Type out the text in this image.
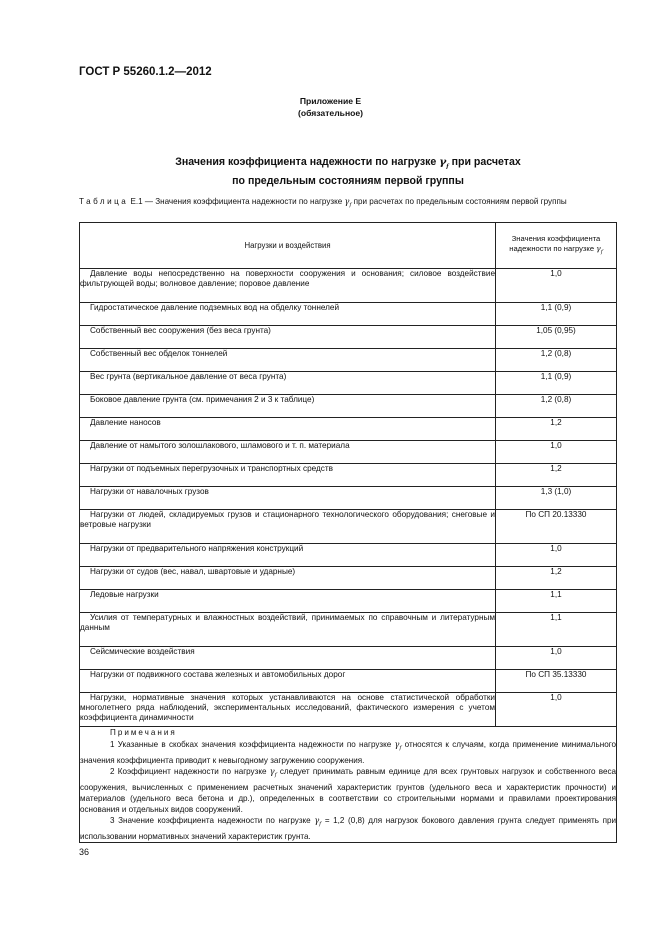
ГОСТ Р 55260.1.2—2012
Приложение Е
(обязательное)
Значения коэффициента надежности по нагрузке $\gamma_f$ при расчетах
по предельным состояниям первой группы
Таблица Е.1 — Значения коэффициента надежности по нагрузке $\gamma_f$ при расчетах по предельным состояниям первой группы
Нагрузки и воздействия	Значения коэффициента надежности по нагрузке $\gamma_f$
Давление воды непосредственно на поверхности сооружения и основания; силовое воздействие фильтрующей воды; волновое давление; поровое давление	1,0
Гидростатическое давление подземных вод на обделку тоннелей	1,1 (0,9)
Собственный вес сооружения (без веса грунта)	1,05 (0,95)
Собственный вес обделок тоннелей	1,2 (0,8)
Вес грунта (вертикальное давление от веса грунта)	1,1 (0,9)
Боковое давление грунта (см. примечания 2 и 3 к таблице)	1,2 (0,8)
Давление наносов	1,2
Давление от намытого золошлакового, шламового и т. п. материала	1,0
Нагрузки от подъемных перегрузочных и транспортных средств	1,2
Нагрузки от навалочных грузов	1,3 (1,0)
Нагрузки от людей, складируемых грузов и стационарного технологического оборудования; снеговые и ветровые нагрузки	По СП 20.13330
Нагрузки от предварительного напряжения конструкций	1,0
Нагрузки от судов (вес, навал, швартовые и ударные)	1,2
Ледовые нагрузки	1,1
Усилия от температурных и влажностных воздействий, принимаемых по справочным и литературным данным	1,1
Сейсмические воздействия	1,0
Нагрузки от подвижного состава железных и автомобильных дорог	По СП 35.13330
Нагрузки, нормативные значения которых устанавливаются на основе статистической обработки многолетнего ряда наблюдений, экспериментальных исследований, фактического измерения с учетом коэффициента динамичности	1,0

Примечания

1 Указанные в скобках значения коэффициента надежности по нагрузке $\gamma_f$ относятся к случаям, когда применение минимального значения коэффициента приводит к невыгодному загружению сооружения.

2 Коэффициент надежности по нагрузке $\gamma_f$ следует принимать равным единице для всех грунтовых нагрузок и собственного веса сооружения, вычисленных с применением расчетных значений характеристик грунтов (удельного веса и характеристик прочности) и материалов (удельного веса бетона и др.), определенных в соответствии со строительными нормами и правилами проектирования основания и отдельных видов сооружений.

3 Значение коэффициента надежности по нагрузке $\gamma_f = 1,2$ (0,8) для нагрузок бокового давления грунта следует применять при использовании нормативных значений характеристик грунта.	

36
